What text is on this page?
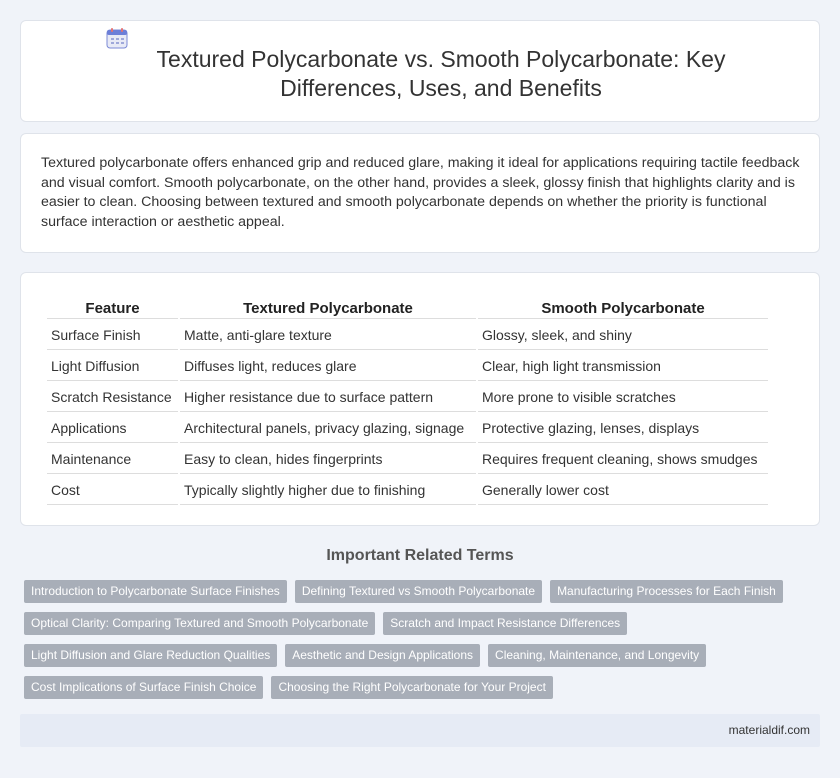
Textured Polycarbonate vs. Smooth Polycarbonate: Key Differences, Uses, and Benefits

Textured polycarbonate offers enhanced grip and reduced glare, making it ideal for applications requiring tactile feedback and visual comfort. Smooth polycarbonate, on the other hand, provides a sleek, glossy finish that highlights clarity and is easier to clean. Choosing between textured and smooth polycarbonate depends on whether the priority is functional surface interaction or aesthetic appeal.

Feature	Textured Polycarbonate	Smooth Polycarbonate
Surface Finish	Matte, anti-glare texture	Glossy, sleek, and shiny
Light Diffusion	Diffuses light, reduces glare	Clear, high light transmission
Scratch Resistance	Higher resistance due to surface pattern	More prone to visible scratches
Applications	Architectural panels, privacy glazing, signage	Protective glazing, lenses, displays
Maintenance	Easy to clean, hides fingerprints	Requires frequent cleaning, shows smudges
Cost	Typically slightly higher due to finishing	Generally lower cost
Important Related Terms
Introduction to Polycarbonate Surface Finishes	Defining Textured vs Smooth Polycarbonate	Manufacturing Processes for Each Finish
Optical Clarity: Comparing Textured and Smooth Polycarbonate	Scratch and Impact Resistance Differences
Light Diffusion and Glare Reduction Qualities	Aesthetic and Design Applications	Cleaning, Maintenance, and Longevity
Cost Implications of Surface Finish Choice	Choosing the Right Polycarbonate for Your Project
materialdif.com
